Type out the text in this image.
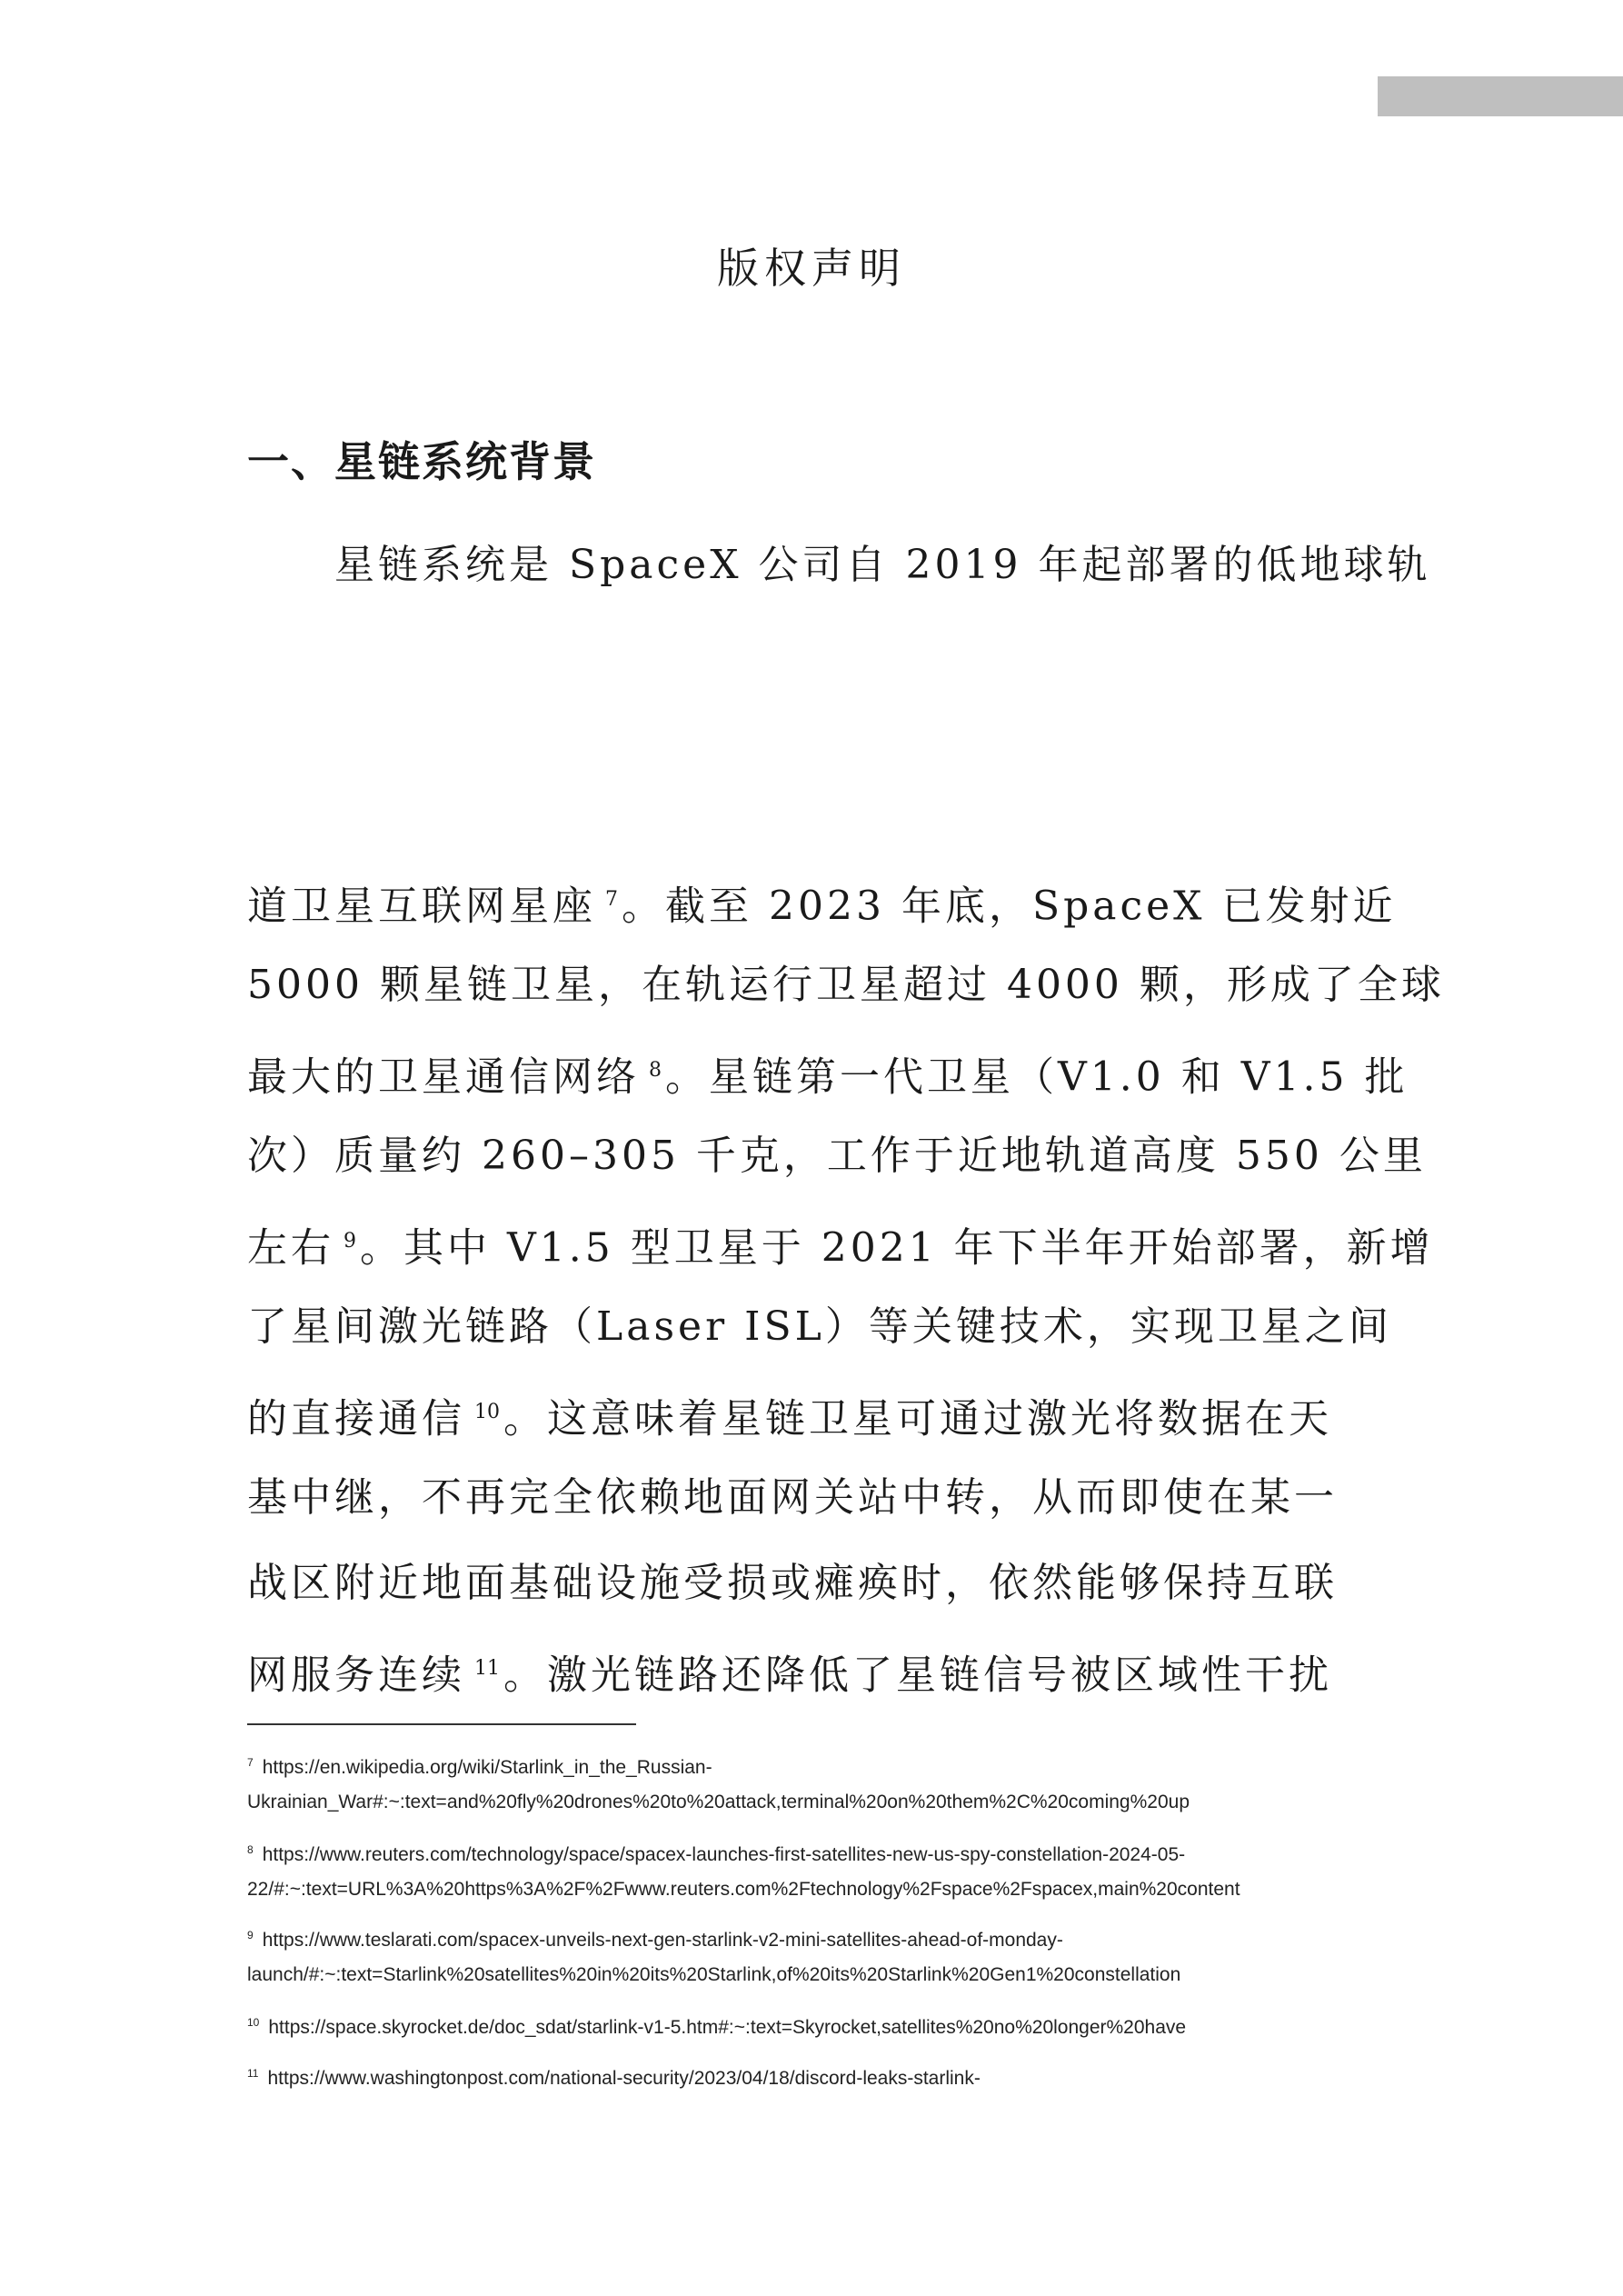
版权声明
一、星链系统背景
星链系统是 SpaceX 公司自 2019 年起部署的低地球轨
道卫星互联网星座 $^7$。截至 2023 年底，SpaceX 已发射近
5000 颗星链卫星，在轨运行卫星超过 4000 颗，形成了全球
最大的卫星通信网络 $^8$。星链第一代卫星（V1.0 和 V1.5 批
次）质量约 260–305 千克，工作于近地轨道高度 550 公里
左右 $^9$。其中 V1.5 型卫星于 2021 年下半年开始部署，新增
了星间激光链路（Laser ISL）等关键技术，实现卫星之间
的直接通信 $^{10}$。这意味着星链卫星可通过激光将数据在天
基中继，不再完全依赖地面网关站中转，从而即使在某一
战区附近地面基础设施受损或瘫痪时，依然能够保持互联
网服务连续 $^{11}$。激光链路还降低了星链信号被区域性干扰
$^7$ https://en.wikipedia.org/wiki/Starlink_in_the_Russian-
Ukrainian_War#:~:text=and%20fly%20drones%20to%20attack,terminal%20on%20them%2C%20coming%20up
$^8$ https://www.reuters.com/technology/space/spacex-launches-first-satellites-new-us-spy-constellation-2024-05-
22/#:~:text=URL%3A%20https%3A%2F%2Fwww.reuters.com%2Ftechnology%2Fspace%2Fspacex,main%20content
$^9$ https://www.teslarati.com/spacex-unveils-next-gen-starlink-v2-mini-satellites-ahead-of-monday-
launch/#:~:text=Starlink%20satellites%20in%20its%20Starlink,of%20its%20Starlink%20Gen1%20constellation
$^{10}$ https://space.skyrocket.de/doc_sdat/starlink-v1-5.htm#:~:text=Skyrocket,satellites%20no%20longer%20have
$^{11}$ https://www.washingtonpost.com/national-security/2023/04/18/discord-leaks-starlink-
